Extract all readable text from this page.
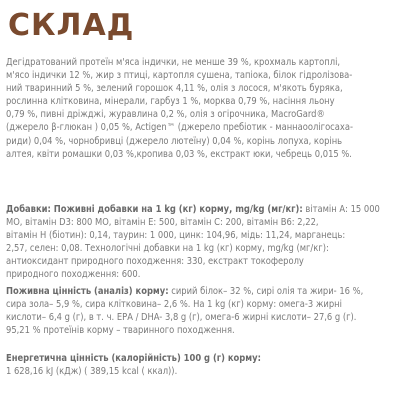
СКЛАД
Дегідратований протеїн м'яса індички, не менше 39 %, крохмаль картоплі,
м'ясо індички 12 %, жир з птиці, картопля сушена, тапіока, білок гідролізова-
ний тваринний 5 %, зелений горошок 4,11 %, олія з лосося, м'якоть буряка,
рослинна клітковина, мінерали, гарбуз 1 %, морква 0,79 %, насіння льону
0,79 %, пивні дріжджі, журавлина 0,2 %, олія з огірочника, MacroGard®
(джерело β-глюкан ) 0,05 %, Actigen™ (джерело пребіотик - маннаоолігосаха-
риди) 0,04 %, чорнобривці (джерело лютеїну) 0,04 %, корінь лопуха, корінь
алтея, квіти ромашки 0,03 %,кропива 0,03 %, екстракт юки, чебрець 0,015 %.
Добавки: Поживні добавки на 1 kg (кг) корму, mg/kg (мг/кг): вітамін А: 15 000
МО, вітамін D3: 800 МО, вітамін Е: 500, вітамін С: 200, вітамін В6: 2,22,
вітамін Н (біотин): 0,14, таурин: 1 000, цинк: 104,96, мідь: 11,24, марганець:
2,57, селен: 0,08. Технологічні добавки на 1 kg (кг) корму, mg/kg (мг/кг):
антиоксидант природного походження: 330, екстракт токоферолу
природного походження: 600.
Поживна цінність (аналіз) корму: сирий білок– 32 %, сирі олія та жири- 16 %,
сира зола– 5,9 %, сира клітковина– 2,6 %. На 1 kg (кг) корму: омега-3 жирні
кислоти– 6,4 g (г), в т. ч. ЕРА / DHA- 3,8 g (г), омега-6 жирні кислоти– 27,6 g (г).
95,21 % протеїнів корму – тваринного походження.
Енергетична цінність (калорійність) 100 g (г) корму:
1 628,16 kJ (кДж) ( 389,15 kcal ( ккал)).
